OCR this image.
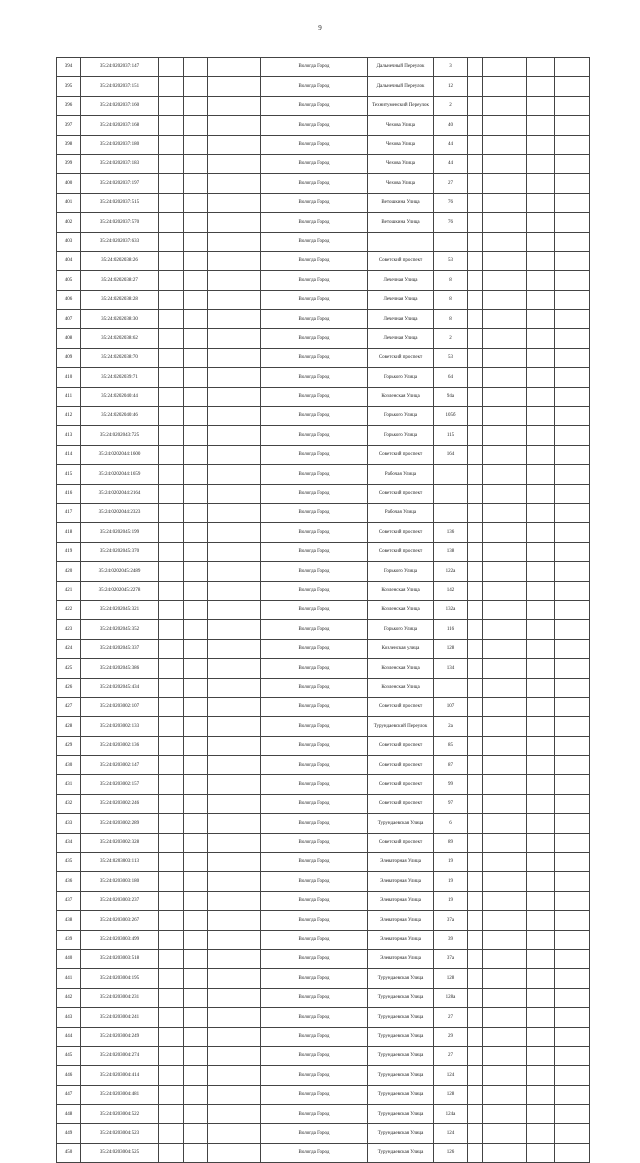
9
394	35:24:0202037:147				Вологда Город	Дальнечный Переулок	3				
395	35:24:0202037:151				Вологда Город	Дальнечный Переулок	12				
396	35:24:0202037:160				Вологда Город	Технитуменский Переулок	2				
397	35:24:0202037:168				Вологда Город	Чехова Улица	40				
398	35:24:0202037:180				Вологда Город	Чехова Улица	44				
399	35:24:0202037:183				Вологда Город	Чехова Улица	44				
400	35:24:0202037:197				Вологда Город	Чехова Улица	27				
401	35:24:0202037:515				Вологда Город	Ветошкина Улица	76				
402	35:24:0202037:570				Вологда Город	Ветошкина Улица	76				
403	35:24:0202037:633				Вологда Город						
404	35:24:0202038:26				Вологда Город	Советский проспект	53				
405	35:24:0202038:27				Вологда Город	Лечечная Улица	8				
406	35:24:0202038:28				Вологда Город	Лечечная Улица	8				
407	35:24:0202038:30				Вологда Город	Лечечная Улица	8				
408	35:24:0202038:62				Вологда Город	Лечечная Улица	2				
409	35:24:0202038:70				Вологда Город	Советский проспект	53				
410	35:24:0202039:71				Вологда Город	Горького Улица	64				
411	35:24:0202040:44				Вологда Город	Козленская Улица	94а				
412	35:24:0202040:46				Вологда Город	Горького Улица	105б				
413	35:24:0202043:725				Вологда Город	Горького Улица	115				
414	35:24:0202044:1600				Вологда Город	Советский проспект	164				
415	35:24:0202044:1659				Вологда Город	Рабочая Улица					
416	35:24:0202044:2164				Вологда Город	Советский проспект					
417	35:24:0202044:2323				Вологда Город	Рабочая Улица					
418	35:24:0202045:199				Вологда Город	Советский проспект	136				
419	35:24:0202045:370				Вологда Город	Советский проспект	138				
420	35:24:0202045:2489				Вологда Город	Горького Улица	122а				
421	35:24:0202045:2278				Вологда Город	Козленская Улица	142				
422	35:24:0202045:321				Вологда Город	Козленская Улица	132а				
423	35:24:0202045:352				Вологда Город	Горького Улица	116				
424	35:24:0202045:337				Вологда Город	Козленская улица	128				
425	35:24:0202045:386				Вологда Город	Козленская Улица	134				
426	35:24:0202045:434				Вологда Город	Козленская Улица					
427	35:24:0203002:107				Вологда Город	Советский проспект	107				
428	35:24:0203002:133				Вологда Город	Турундаевский Переулок	2а				
429	35:24:0203002:136				Вологда Город	Советский проспект	85				
430	35:24:0203002:147				Вологда Город	Советский проспект	87				
431	35:24:0203002:157				Вологда Город	Советский проспект	99				
432	35:24:0203002:246				Вологда Город	Советский проспект	97				
433	35:24:0203002:289				Вологда Город	Турундаевская Улица	6				
434	35:24:0203002:328				Вологда Город	Советский проспект	89				
435	35:24:0203003:113				Вологда Город	Элеваторная Улица	19				
436	35:24:0203003:180				Вологда Город	Элеваторная Улица	19				
437	35:24:0203003:237				Вологда Город	Элеваторная Улица	19				
438	35:24:0203003:267				Вологда Город	Элеваторная Улица	37а				
439	35:24:0203003:499				Вологда Город	Элеваторная Улица	39				
440	35:24:0203003:518				Вологда Город	Элеваторная Улица	37а				
441	35:24:0203004:195				Вологда Город	Турундаевская Улица	128				
442	35:24:0203004:231				Вологда Город	Турундаевская Улица	128а				
443	35:24:0203004:241				Вологда Город	Турундаевская Улица	27				
444	35:24:0203004:249				Вологда Город	Турундаевская Улица	29				
445	35:24:0203004:274				Вологда Город	Турундаевская Улица	27				
446	35:24:0203004:414				Вологда Город	Турундаевская Улица	124				
447	35:24:0203004:481				Вологда Город	Турундаевская Улица	128				
448	35:24:0203004:522				Вологда Город	Турундаевская Улица	124а				
449	35:24:0203004:523				Вологда Город	Турундаевская Улица	124				
450	35:24:0203004:525				Вологда Город	Турундаевская Улица	126				
